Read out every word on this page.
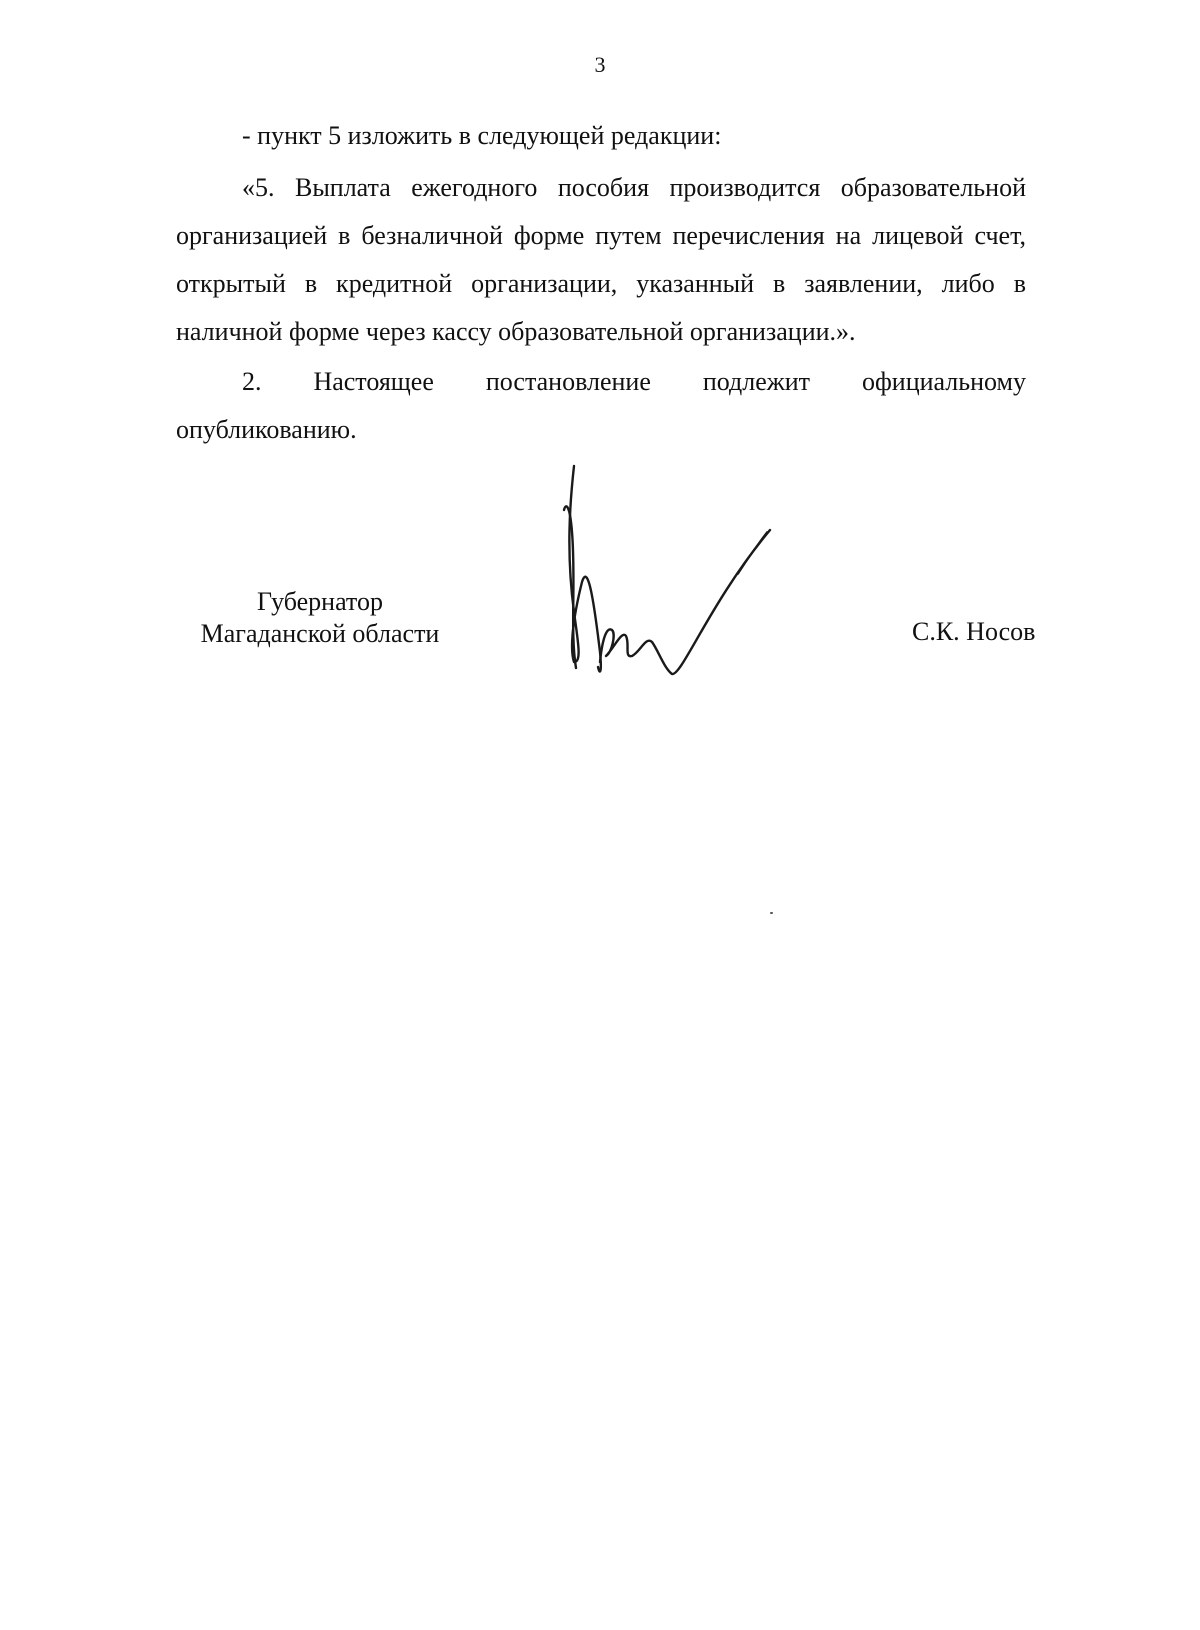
3

- пункт 5 изложить в следующей редакции:

«5. Выплата ежегодного пособия производится образовательной организацией в безналичной форме путем перечисления на лицевой счет, открытый в кредитной организации, указанный в заявлении, либо в наличной форме через кассу образовательной организации.».

2. Настоящее постановление подлежит официальному опубликованию.

Губернатор
Магаданской области	С.К. Носов
